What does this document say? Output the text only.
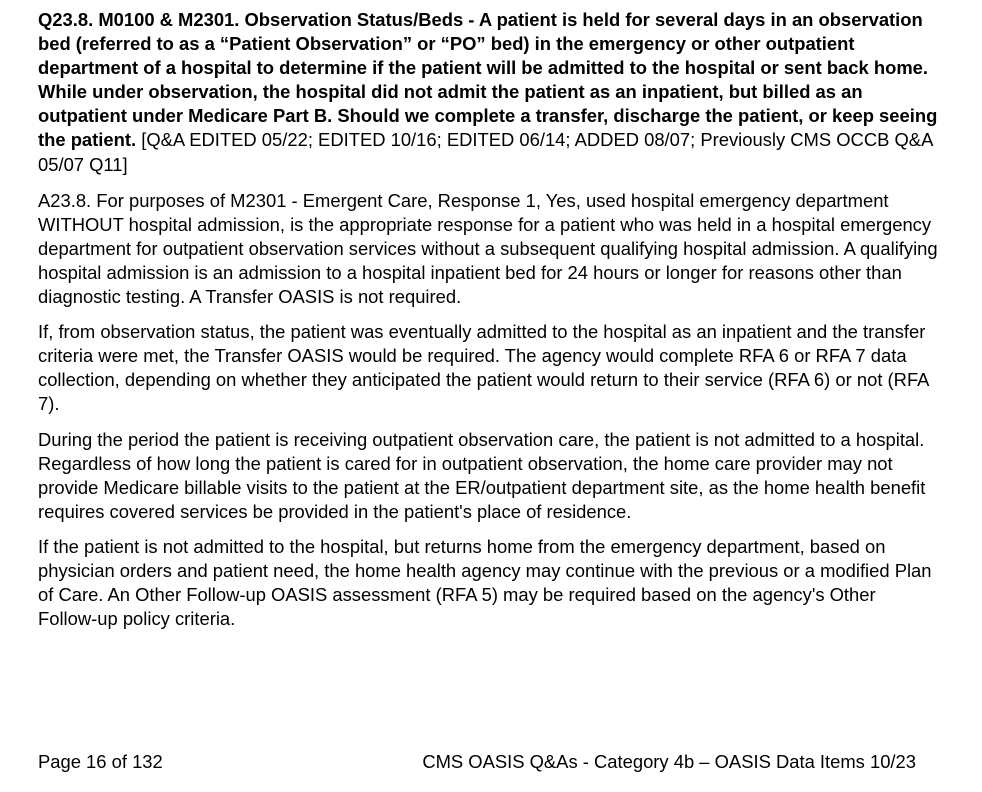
Q23.8. M0100 & M2301. Observation Status/Beds - A patient is held for several days in an observation bed (referred to as a “Patient Observation” or “PO” bed) in the emergency or other outpatient department of a hospital to determine if the patient will be admitted to the hospital or sent back home. While under observation, the hospital did not admit the patient as an inpatient, but billed as an outpatient under Medicare Part B. Should we complete a transfer, discharge the patient, or keep seeing the patient. [Q&A EDITED 05/22; EDITED 10/16; EDITED 06/14; ADDED 08/07; Previously CMS OCCB Q&A 05/07 Q11]

A23.8. For purposes of M2301 - Emergent Care, Response 1, Yes, used hospital emergency department WITHOUT hospital admission, is the appropriate response for a patient who was held in a hospital emergency department for outpatient observation services without a subsequent qualifying hospital admission. A qualifying hospital admission is an admission to a hospital inpatient bed for 24 hours or longer for reasons other than diagnostic testing. A Transfer OASIS is not required.

If, from observation status, the patient was eventually admitted to the hospital as an inpatient and the transfer criteria were met, the Transfer OASIS would be required. The agency would complete RFA 6 or RFA 7 data collection, depending on whether they anticipated the patient would return to their service (RFA 6) or not (RFA 7).

During the period the patient is receiving outpatient observation care, the patient is not admitted to a hospital. Regardless of how long the patient is cared for in outpatient observation, the home care provider may not provide Medicare billable visits to the patient at the ER/outpatient department site, as the home health benefit requires covered services be provided in the patient's place of residence.

If the patient is not admitted to the hospital, but returns home from the emergency department, based on physician orders and patient need, the home health agency may continue with the previous or a modified Plan of Care. An Other Follow-up OASIS assessment (RFA 5) may be required based on the agency's Other Follow-up policy criteria.

Page 16 of 132	CMS OASIS Q&As - Category 4b – OASIS Data Items 10/23
